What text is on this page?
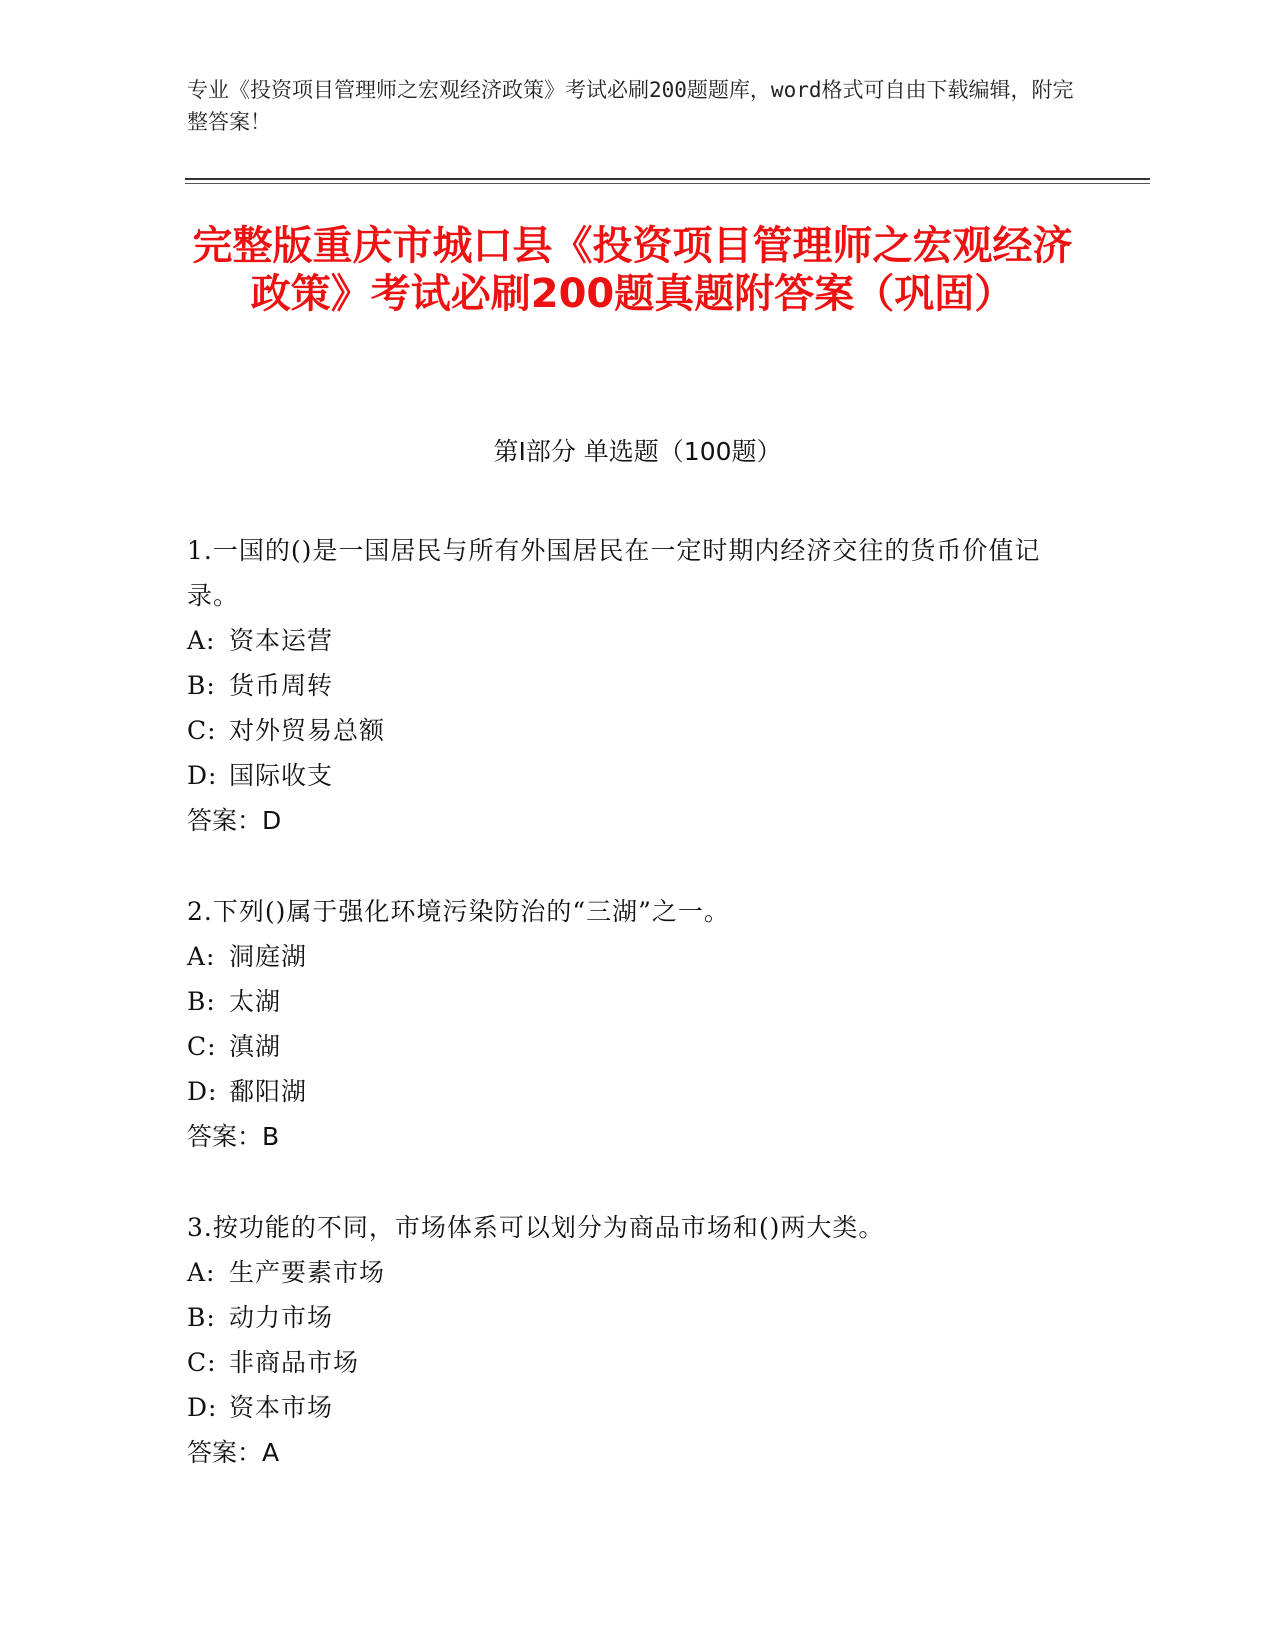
专业《投资项目管理师之宏观经济政策》考试必刷200题题库，word格式可自由下载编辑，附完整答案！
完整版重庆市城口县《投资项目管理师之宏观经济政策》考试必刷200题真题附答案（巩固）
第Ⅰ部分 单选题（100题）
1.一国的()是一国居民与所有外国居民在一定时期内经济交往的货币价值记录。
A: 资本运营
B: 货币周转
C: 对外贸易总额
D: 国际收支
答案：D
2.下列()属于强化环境污染防治的“三湖”之一。
A: 洞庭湖
B: 太湖
C: 滇湖
D: 鄱阳湖
答案：B
3.按功能的不同，市场体系可以划分为商品市场和()两大类。
A: 生产要素市场
B: 动力市场
C: 非商品市场
D: 资本市场
答案：A
